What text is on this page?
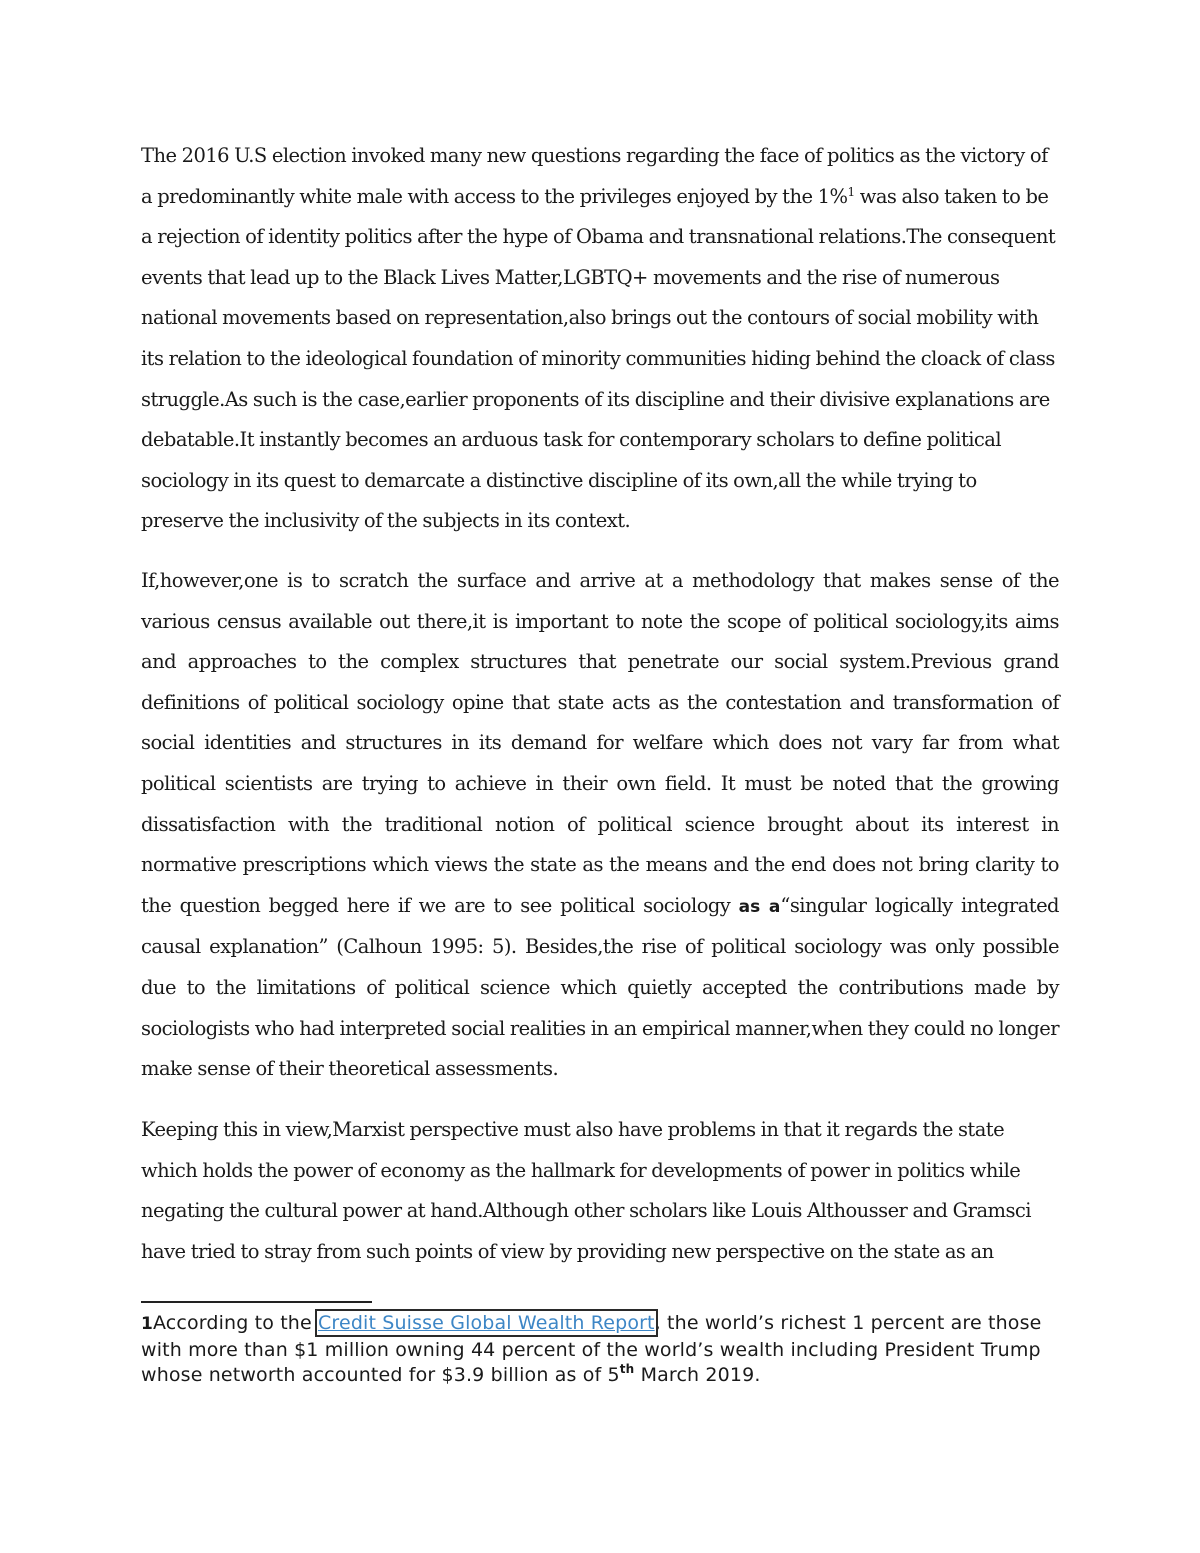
The 2016 U.S election invoked many new questions regarding the face of politics as the victory of a predominantly white male with access to the privileges enjoyed by the 1%$^1$ was also taken to be a rejection of identity politics after the hype of Obama and transnational relations.The consequent events that lead up to the Black Lives Matter,LGBTQ+ movements and the rise of numerous national movements based on representation,also brings out the contours of social mobility with its relation to the ideological foundation of minority communities hiding behind the cloack of class struggle.As such is the case,earlier proponents of its discipline and their divisive explanations are debatable.It instantly becomes an arduous task for contemporary scholars to define political sociology in its quest to demarcate a distinctive discipline of its own,all the while trying to preserve the inclusivity of the subjects in its context.

If,however,one is to scratch the surface and arrive at a methodology that makes sense of the various census available out there,it is important to note the scope of political sociology,its aims and approaches to the complex structures that penetrate our social system.Previous grand definitions of political sociology opine that state acts as the contestation and transformation of social identities and structures in its demand for welfare which does not vary far from what political scientists are trying to achieve in their own field. It must be noted that the growing dissatisfaction with the traditional notion of political science brought about its interest in normative prescriptions which views the state as the means and the end does not bring clarity to the question begged here if we are to see political sociology as a“singular logically integrated causal explanation” (Calhoun 1995: 5). Besides,the rise of political sociology was only possible due to the limitations of political science which quietly accepted the contributions made by sociologists who had interpreted social realities in an empirical manner,when they could no longer make sense of their theoretical assessments.

Keeping this in view,Marxist perspective must also have problems in that it regards the state which holds the power of economy as the hallmark for developments of power in politics while negating the cultural power at hand.Although other scholars like Louis Althousser and Gramsci have tried to stray from such points of view by providing new perspective on the state as an

1According to the Credit Suisse Global Wealth Report, the world’s richest 1 percent are those with more than $1 million owning 44 percent of the world’s wealth including President Trump whose networth accounted for $3.9 billion as of 5th March 2019.
